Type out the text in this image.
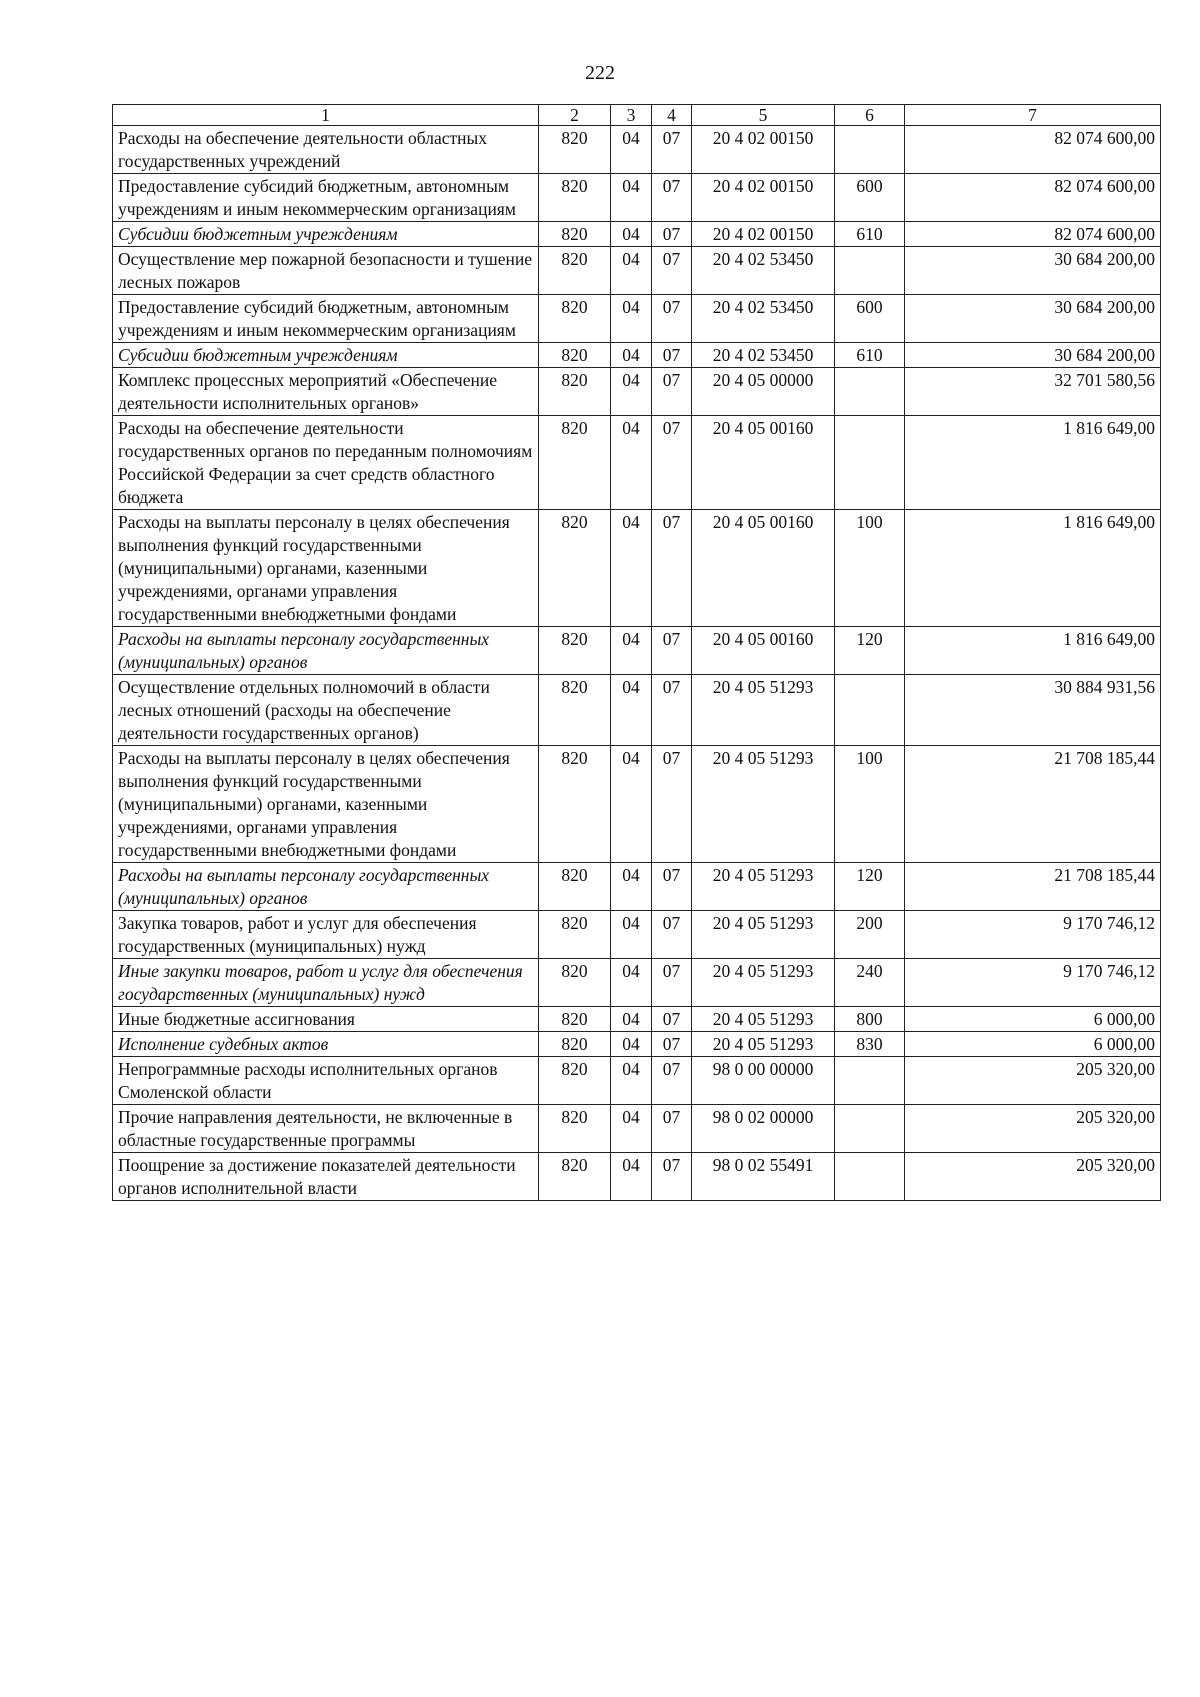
222
1	2	3	4	5	6	7
Расходы на обеспечение деятельности областных государственных учреждений	820	04	07	20 4 02 00150		82 074 600,00
Предоставление субсидий бюджетным, автономным учреждениям и иным некоммерческим организациям	820	04	07	20 4 02 00150	600	82 074 600,00
Субсидии бюджетным учреждениям	820	04	07	20 4 02 00150	610	82 074 600,00
Осуществление мер пожарной безопасности и тушение лесных пожаров	820	04	07	20 4 02 53450		30 684 200,00
Предоставление субсидий бюджетным, автономным учреждениям и иным некоммерческим организациям	820	04	07	20 4 02 53450	600	30 684 200,00
Субсидии бюджетным учреждениям	820	04	07	20 4 02 53450	610	30 684 200,00
Комплекс процессных мероприятий «Обеспечение деятельности исполнительных органов»	820	04	07	20 4 05 00000		32 701 580,56
Расходы на обеспечение деятельности государственных органов по переданным полномочиям Российской Федерации за счет средств областного бюджета	820	04	07	20 4 05 00160		1 816 649,00
Расходы на выплаты персоналу в целях обеспечения выполнения функций государственными (муниципальными) органами, казенными учреждениями, органами управления государственными внебюджетными фондами	820	04	07	20 4 05 00160	100	1 816 649,00
Расходы на выплаты персоналу государственных (муниципальных) органов	820	04	07	20 4 05 00160	120	1 816 649,00
Осуществление отдельных полномочий в области лесных отношений (расходы на обеспечение деятельности государственных органов)	820	04	07	20 4 05 51293		30 884 931,56
Расходы на выплаты персоналу в целях обеспечения выполнения функций государственными (муниципальными) органами, казенными учреждениями, органами управления государственными внебюджетными фондами	820	04	07	20 4 05 51293	100	21 708 185,44
Расходы на выплаты персоналу государственных (муниципальных) органов	820	04	07	20 4 05 51293	120	21 708 185,44
Закупка товаров, работ и услуг для обеспечения государственных (муниципальных) нужд	820	04	07	20 4 05 51293	200	9 170 746,12
Иные закупки товаров, работ и услуг для обеспечения государственных (муниципальных) нужд	820	04	07	20 4 05 51293	240	9 170 746,12
Иные бюджетные ассигнования	820	04	07	20 4 05 51293	800	6 000,00
Исполнение судебных актов	820	04	07	20 4 05 51293	830	6 000,00
Непрограммные расходы исполнительных органов Смоленской области	820	04	07	98 0 00 00000		205 320,00
Прочие направления деятельности, не включенные в областные государственные программы	820	04	07	98 0 02 00000		205 320,00
Поощрение за достижение показателей деятельности органов исполнительной власти	820	04	07	98 0 02 55491		205 320,00
